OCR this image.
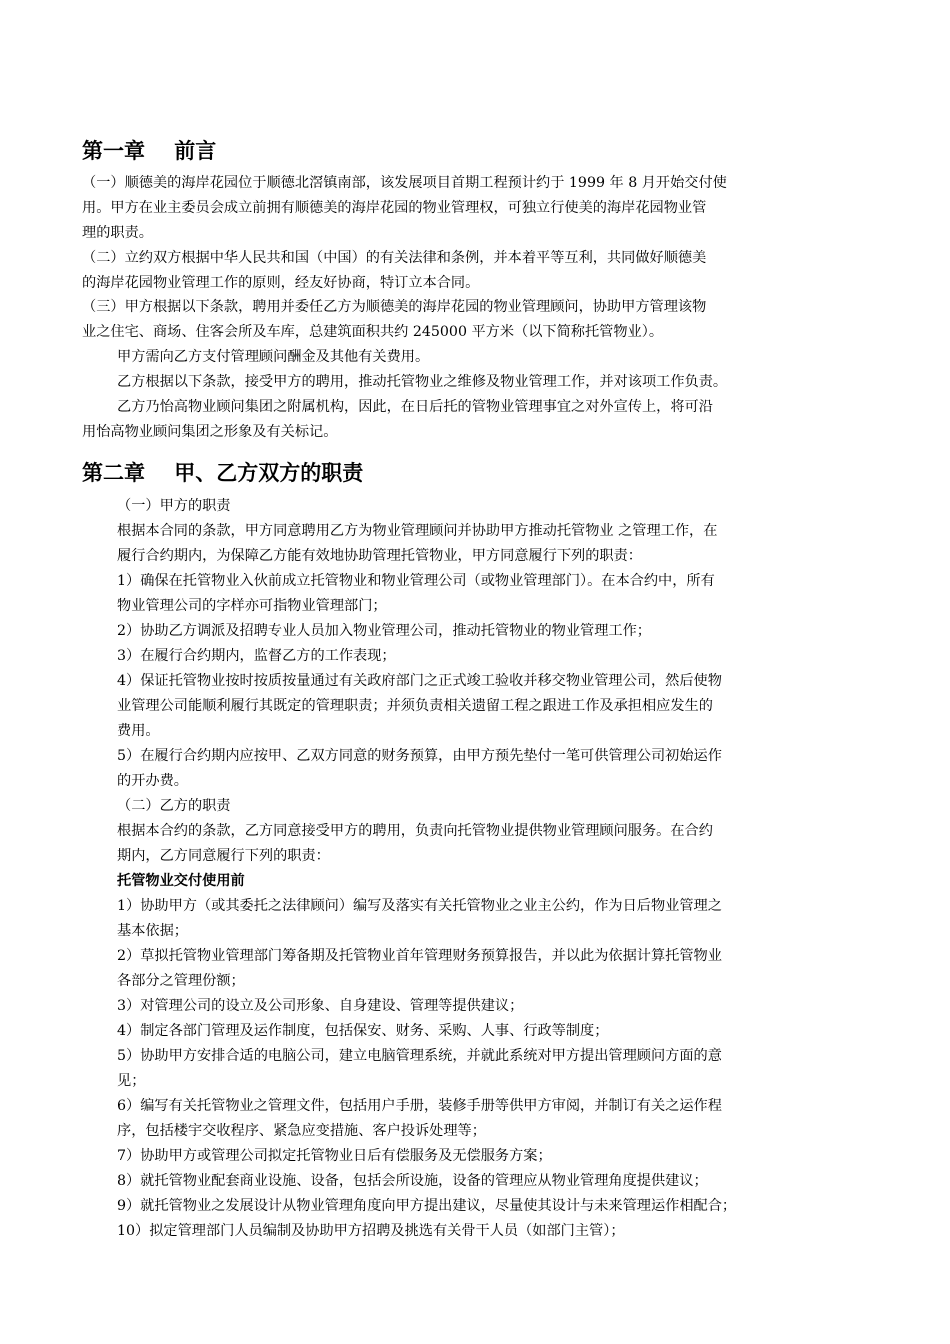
第一章    前言
（一）顺德美的海岸花园位于顺德北滘镇南部，该发展项目首期工程预计约于 1999 年 8 月开始交付使
用。甲方在业主委员会成立前拥有顺德美的海岸花园的物业管理权，可独立行使美的海岸花园物业管
理的职责。
（二）立约双方根据中华人民共和国（中国）的有关法律和条例，并本着平等互利，共同做好顺德美
的海岸花园物业管理工作的原则，经友好协商，特订立本合同。
（三）甲方根据以下条款，聘用并委任乙方为顺德美的海岸花园的物业管理顾问，协助甲方管理该物
业之住宅、商场、住客会所及车库，总建筑面积共约 245000 平方米（以下简称托管物业）。
甲方需向乙方支付管理顾问酬金及其他有关费用。
乙方根据以下条款，接受甲方的聘用，推动托管物业之维修及物业管理工作，并对该项工作负责。
乙方乃怡高物业顾问集团之附属机构，因此，在日后托的管物业管理事宜之对外宣传上，将可沿
用怡高物业顾问集团之形象及有关标记。
第二章    甲、乙方双方的职责
（一）甲方的职责
根据本合同的条款，甲方同意聘用乙方为物业管理顾问并协助甲方推动托管物业 之管理工作，在
履行合约期内，为保障乙方能有效地协助管理托管物业，甲方同意履行下列的职责：
1）确保在托管物业入伙前成立托管物业和物业管理公司（或物业管理部门）。在本合约中，所有
物业管理公司的字样亦可指物业管理部门；
2）协助乙方调派及招聘专业人员加入物业管理公司，推动托管物业的物业管理工作；
3）在履行合约期内，监督乙方的工作表现；
4）保证托管物业按时按质按量通过有关政府部门之正式竣工验收并移交物业管理公司，然后使物
业管理公司能顺利履行其既定的管理职责；并须负责相关遗留工程之跟进工作及承担相应发生的
费用。
5）在履行合约期内应按甲、乙双方同意的财务预算，由甲方预先垫付一笔可供管理公司初始运作
的开办费。
（二）乙方的职责
根据本合约的条款，乙方同意接受甲方的聘用，负责向托管物业提供物业管理顾问服务。在合约
期内，乙方同意履行下列的职责：
托管物业交付使用前
1）协助甲方（或其委托之法律顾问）编写及落实有关托管物业之业主公约，作为日后物业管理之
基本依据；
2）草拟托管物业管理部门筹备期及托管物业首年管理财务预算报告，并以此为依据计算托管物业
各部分之管理份额；
3）对管理公司的设立及公司形象、自身建设、管理等提供建议；
4）制定各部门管理及运作制度，包括保安、财务、采购、人事、行政等制度；
5）协助甲方安排合适的电脑公司，建立电脑管理系统，并就此系统对甲方提出管理顾问方面的意
见；
6）编写有关托管物业之管理文件，包括用户手册，装修手册等供甲方审阅，并制订有关之运作程
序，包括楼宇交收程序、紧急应变措施、客户投诉处理等；
7）协助甲方或管理公司拟定托管物业日后有偿服务及无偿服务方案；
8）就托管物业配套商业设施、设备，包括会所设施，设备的管理应从物业管理角度提供建议；
9）就托管物业之发展设计从物业管理角度向甲方提出建议，尽量使其设计与未来管理运作相配合；
10）拟定管理部门人员编制及协助甲方招聘及挑选有关骨干人员（如部门主管）；
